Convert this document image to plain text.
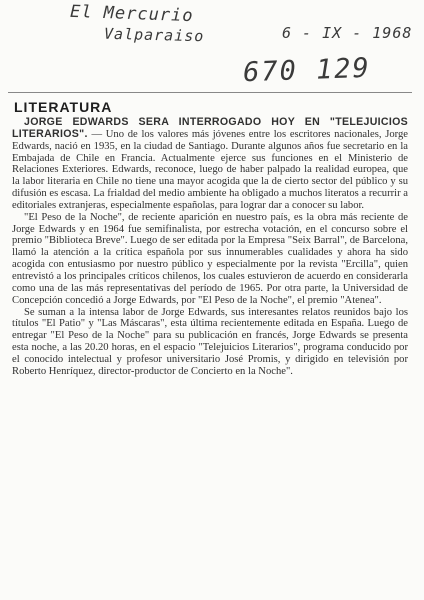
El Mercurio
Valparaiso	6 - IX - 1968
670 129
LITERATURA

JORGE EDWARDS SERA INTERROGADO HOY EN "TELEJUICIOS LITERARIOS". — Uno de los valores más jóvenes entre los escritores nacionales, Jorge Edwards, nació en 1935, en la ciudad de Santiago. Durante algunos años fue secretario en la Embajada de Chile en Francia. Actualmente ejerce sus funciones en el Ministerio de Relaciones Exteriores. Edwards, reconoce, luego de haber palpado la realidad europea, que la labor literaria en Chile no tiene una mayor acogida que la de cierto sector del público y su difusión es escasa. La frialdad del medio ambiente ha obligado a muchos literatos a recurrir a editoriales extranjeras, especialmente españolas, para lograr dar a conocer su labor.

"El Peso de la Noche", de reciente aparición en nuestro país, es la obra más reciente de Jorge Edwards y en 1964 fue semifinalista, por estrecha votación, en el concurso sobre el premio "Biblioteca Breve". Luego de ser editada por la Empresa "Seix Barral", de Barcelona, llamó la atención a la crítica española por sus innumerables cualidades y ahora ha sido acogida con entusiasmo por nuestro público y especialmente por la revista "Ercilla", quien entrevistó a los principales críticos chilenos, los cuales estuvieron de acuerdo en considerarla como una de las más representativas del período de 1965. Por otra parte, la Universidad de Concepción concedió a Jorge Edwards, por "El Peso de la Noche", el premio "Atenea".

Se suman a la intensa labor de Jorge Edwards, sus interesantes relatos reunidos bajo los títulos "El Patio" y "Las Máscaras", esta última recientemente editada en España. Luego de entregar "El Peso de la Noche" para su publicación en francés, Jorge Edwards se presenta esta noche, a las 20.20 horas, en el espacio "Telejuicios Literarios", programa conducido por el conocido intelectual y profesor universitario José Promis, y dirigido en televisión por Roberto Henríquez, director-productor de Concierto en la Noche".
